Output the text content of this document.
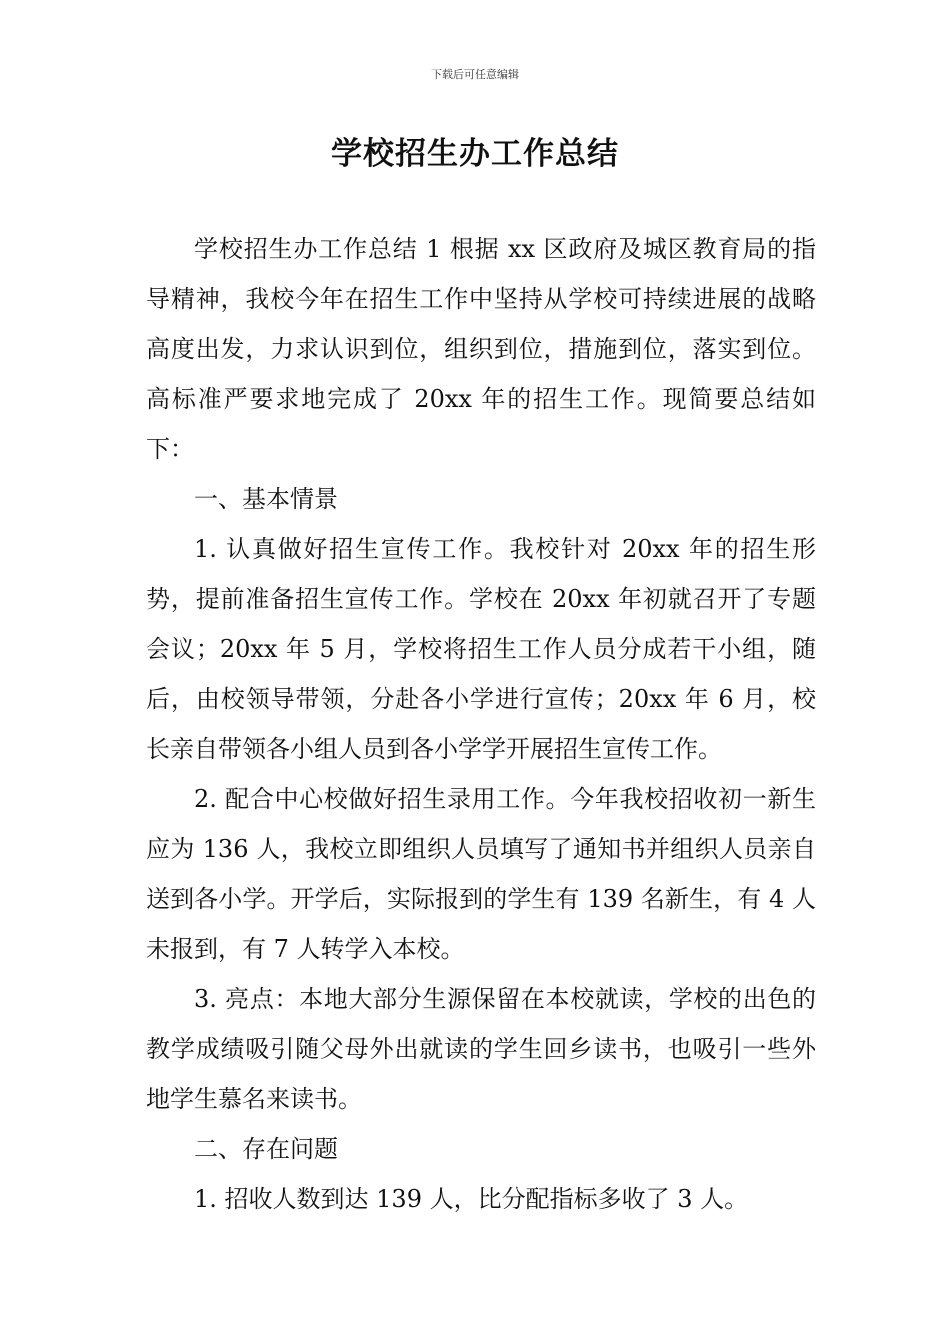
下载后可任意编辑
学校招生办工作总结

学校招生办工作总结 1 根据 xx 区政府及城区教育局的指导精神，我校今年在招生工作中坚持从学校可持续进展的战略高度出发，力求认识到位，组织到位，措施到位，落实到位。高标准严要求地完成了 20xx 年的招生工作。现简要总结如下：

一、基本情景

1. 认真做好招生宣传工作。我校针对 20xx 年的招生形势，提前准备招生宣传工作。学校在 20xx 年初就召开了专题会议；20xx 年 5 月，学校将招生工作人员分成若干小组，随后，由校领导带领，分赴各小学进行宣传；20xx 年 6 月，校长亲自带领各小组人员到各小学学开展招生宣传工作。

2. 配合中心校做好招生录用工作。今年我校招收初一新生应为 136 人，我校立即组织人员填写了通知书并组织人员亲自送到各小学。开学后，实际报到的学生有 139 名新生，有 4 人未报到，有 7 人转学入本校。

3. 亮点：本地大部分生源保留在本校就读，学校的出色的教学成绩吸引随父母外出就读的学生回乡读书，也吸引一些外地学生慕名来读书。

二、存在问题

1. 招收人数到达 139 人，比分配指标多收了 3 人。
